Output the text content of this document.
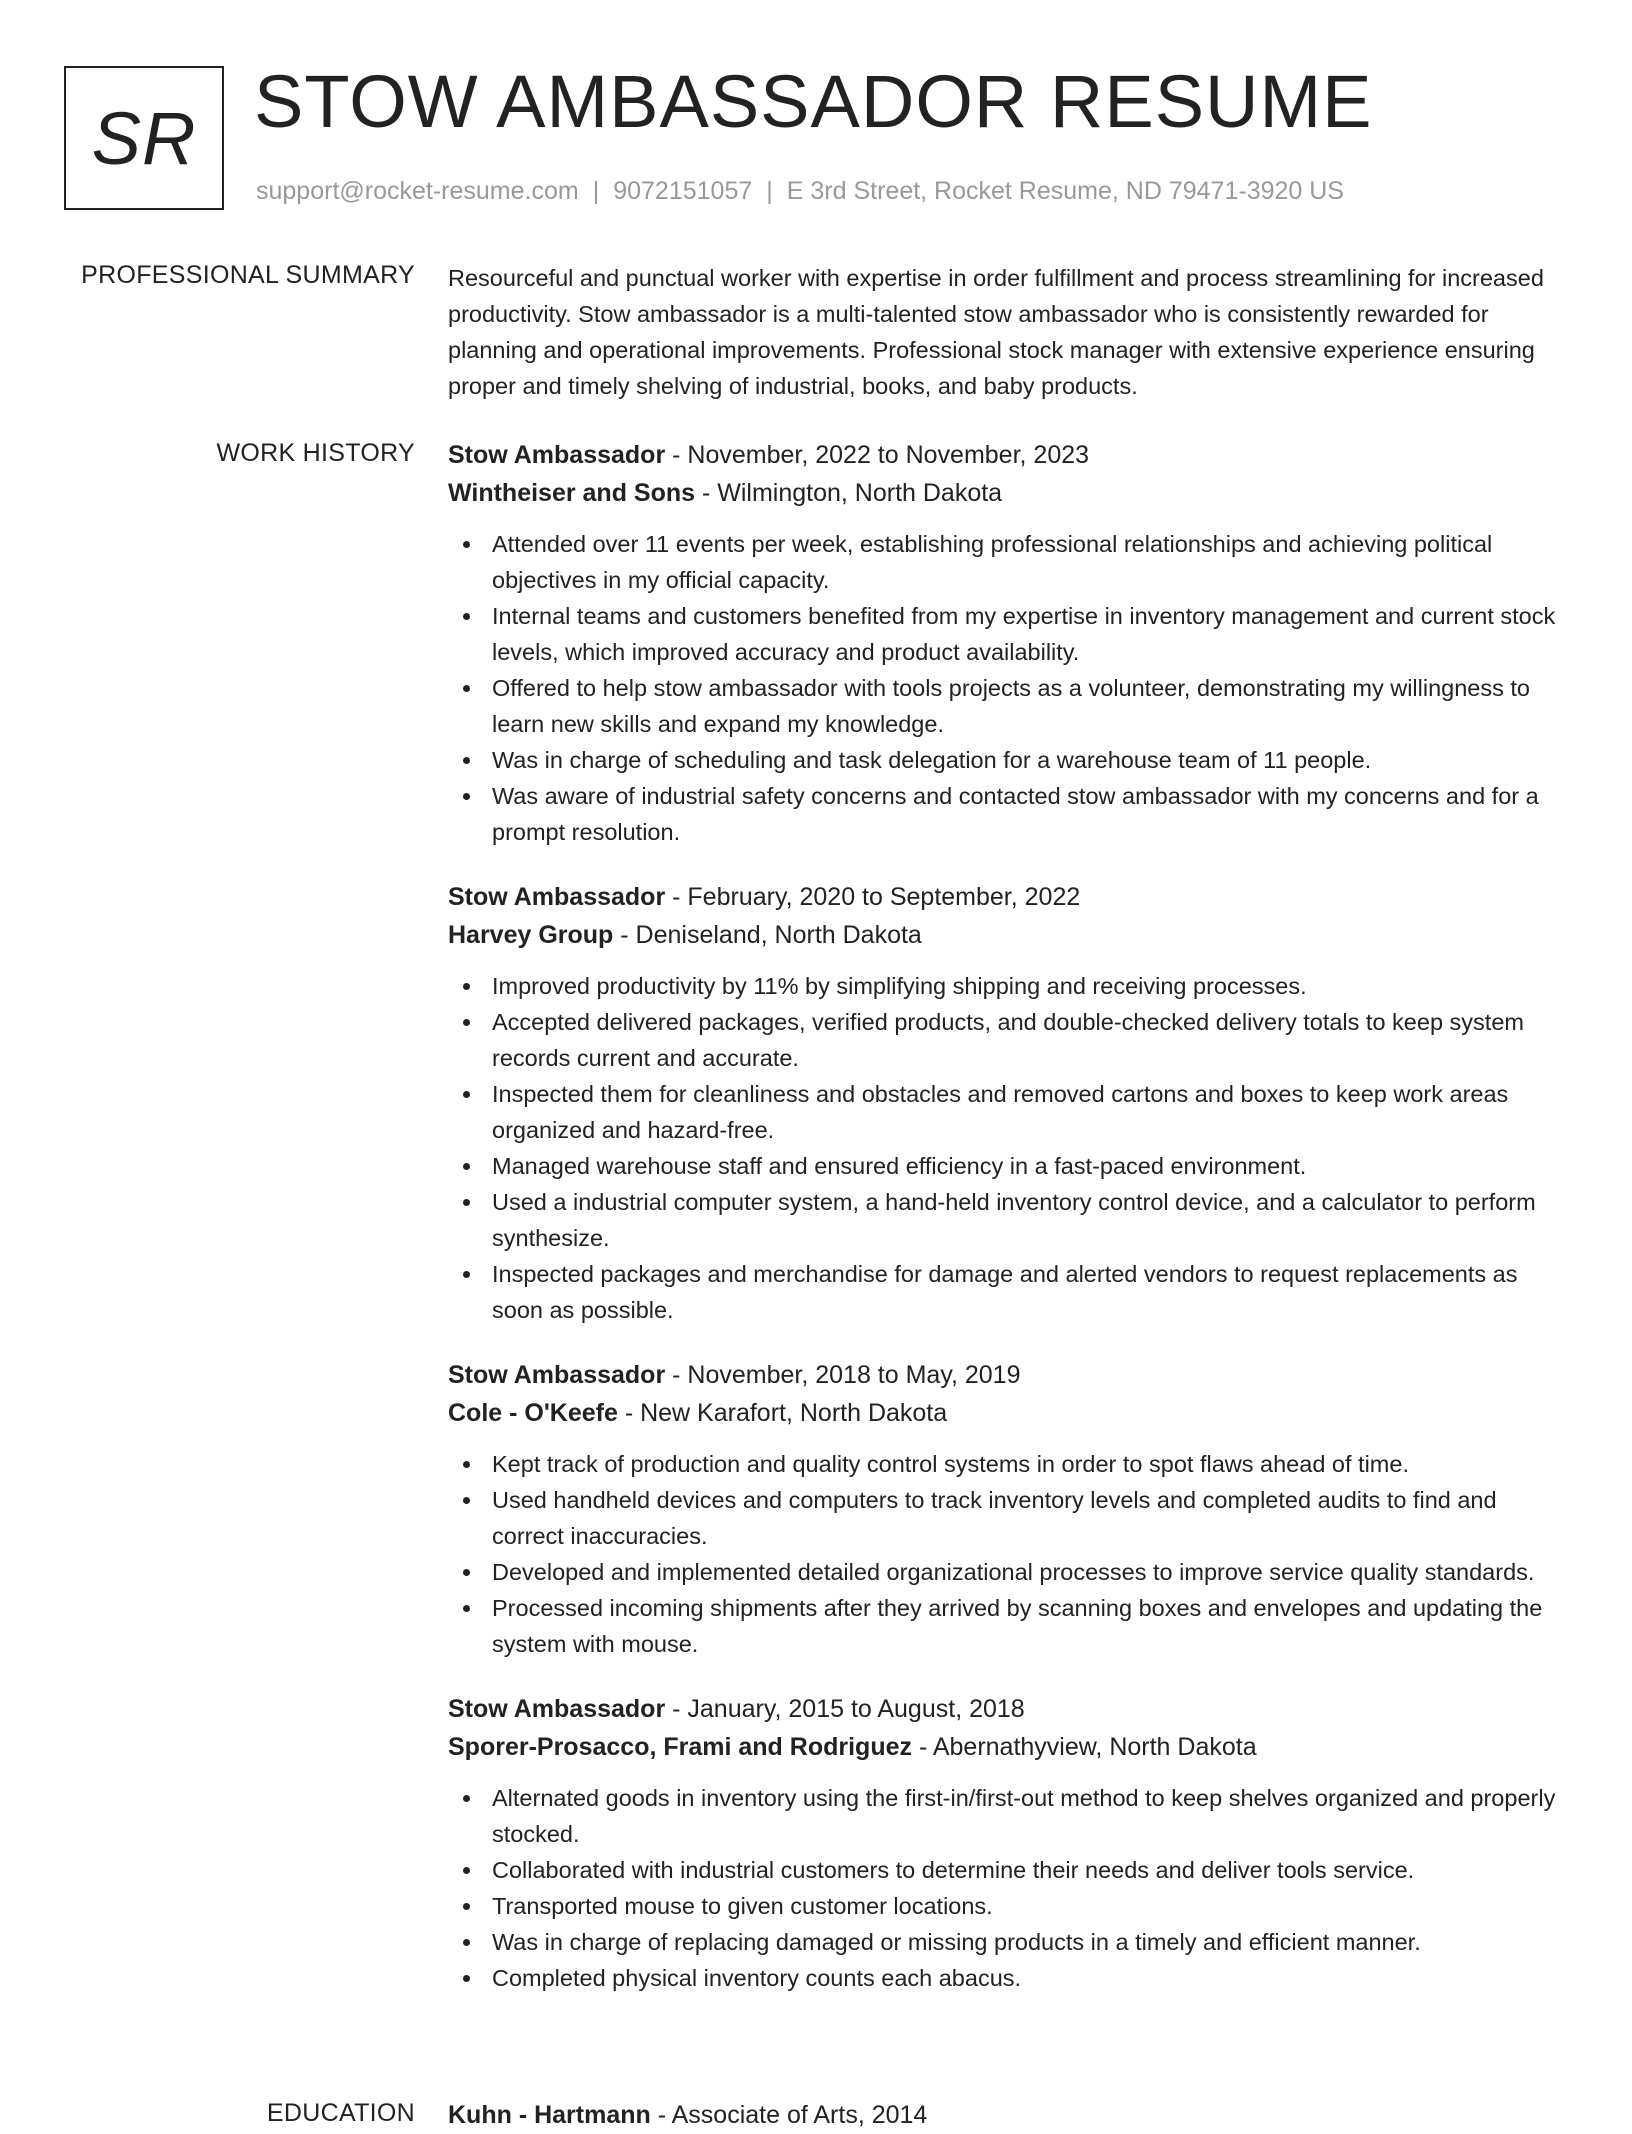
SR STOW AMBASSADOR RESUME
support@rocket-resume.com | 9072151057 | E 3rd Street, Rocket Resume, ND 79471-3920 US
PROFESSIONAL SUMMARY Resourceful and punctual worker with expertise in order fulfillment and process streamlining for increased productivity. Stow ambassador is a multi-talented stow ambassador who is consistently rewarded for planning and operational improvements. Professional stock manager with extensive experience ensuring proper and timely shelving of industrial, books, and baby products.

WORK HISTORY Stow Ambassador - November, 2022 to November, 2023
Wintheiser and Sons - Wilmington, North Dakota
Attended over 11 events per week, establishing professional relationships and achieving political objectives in my official capacity.
Internal teams and customers benefited from my expertise in inventory management and current stock levels, which improved accuracy and product availability.
Offered to help stow ambassador with tools projects as a volunteer, demonstrating my willingness to learn new skills and expand my knowledge.
Was in charge of scheduling and task delegation for a warehouse team of 11 people.
Was aware of industrial safety concerns and contacted stow ambassador with my concerns and for a prompt resolution.
Stow Ambassador - February, 2020 to September, 2022
Harvey Group - Deniseland, North Dakota
Improved productivity by 11% by simplifying shipping and receiving processes.
Accepted delivered packages, verified products, and double-checked delivery totals to keep system records current and accurate.
Inspected them for cleanliness and obstacles and removed cartons and boxes to keep work areas organized and hazard-free.
Managed warehouse staff and ensured efficiency in a fast-paced environment.
Used a industrial computer system, a hand-held inventory control device, and a calculator to perform synthesize.
Inspected packages and merchandise for damage and alerted vendors to request replacements as soon as possible.
Stow Ambassador - November, 2018 to May, 2019
Cole - O'Keefe - New Karafort, North Dakota
Kept track of production and quality control systems in order to spot flaws ahead of time.
Used handheld devices and computers to track inventory levels and completed audits to find and correct inaccuracies.
Developed and implemented detailed organizational processes to improve service quality standards.
Processed incoming shipments after they arrived by scanning boxes and envelopes and updating the system with mouse.
Stow Ambassador - January, 2015 to August, 2018
Sporer-Prosacco, Frami and Rodriguez - Abernathyview, North Dakota
Alternated goods in inventory using the first-in/first-out method to keep shelves organized and properly stocked.
Collaborated with industrial customers to determine their needs and deliver tools service.
Transported mouse to given customer locations.
Was in charge of replacing damaged or missing products in a timely and efficient manner.
Completed physical inventory counts each abacus.
EDUCATION Kuhn - Hartmann - Associate of Arts, 2014
